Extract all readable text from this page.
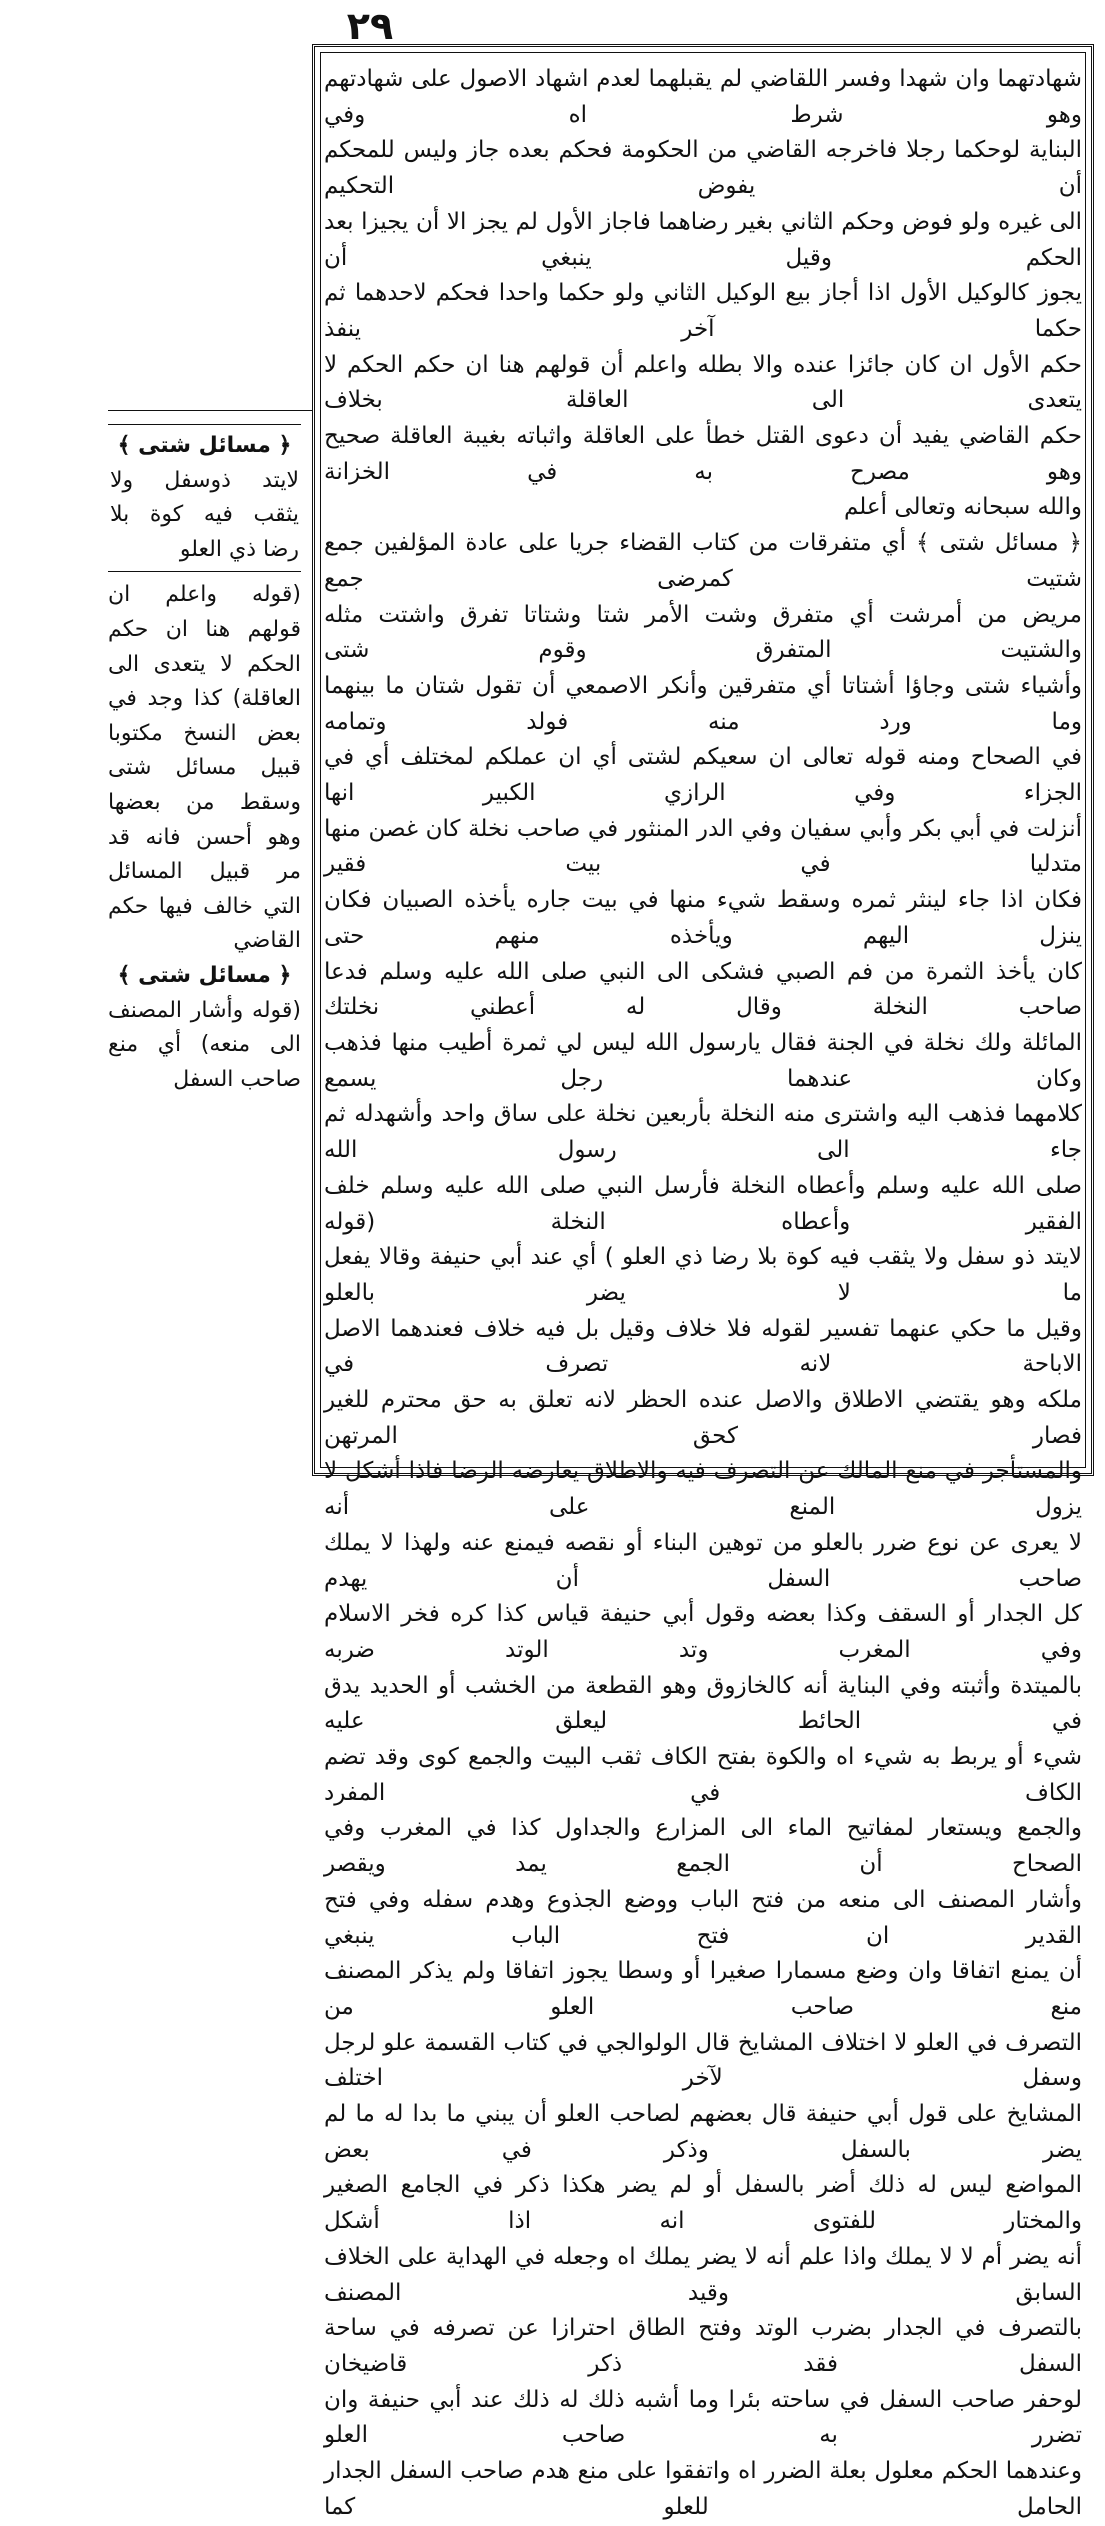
٢٩

شهادتهما وان شهدا وفسر اللقاضي لم يقبلهما لعدم اشهاد الاصول على شهادتهم وهو شرط اه وفي

البناية لوحكما رجلا فاخرجه القاضي من الحكومة فحكم بعده جاز وليس للمحكم أن يفوض التحكيم

الى غيره ولو فوض وحكم الثاني بغير رضاهما فاجاز الأول لم يجز الا أن يجيزا بعد الحكم وقيل ينبغي أن

يجوز كالوكيل الأول اذا أجاز بيع الوكيل الثاني ولو حكما واحدا فحكم لاحدهما ثم حكما آخر ينفذ

حكم الأول ان كان جائزا عنده والا بطله واعلم أن قولهم هنا ان حكم الحكم لا يتعدى الى العاقلة بخلاف

حكم القاضي يفيد أن دعوى القتل خطأ على العاقلة واثباته بغيبة العاقلة صحيح وهو مصرح به في الخزانة

والله سبحانه وتعالى أعلم

﴿ مسائل شتى ﴾ أي متفرقات من كتاب القضاء جريا على عادة المؤلفين جمع شتيت كمرضى جمع

مريض من أمرشت أي متفرق وشت الأمر شتا وشتاتا تفرق واشتت مثله والشتيت المتفرق وقوم شتى

وأشياء شتى وجاؤا أشتاتا أي متفرقين وأنكر الاصمعي أن تقول شتان ما بينهما وما ورد منه فولد وتمامه

في الصحاح ومنه قوله تعالى ان سعيكم لشتى أي ان عملكم لمختلف أي في الجزاء وفي الرازي الكبير انها

أنزلت في أبي بكر وأبي سفيان وفي الدر المنثور في صاحب نخلة كان غصن منها متدليا في بيت فقير

فكان اذا جاء لينثر ثمره وسقط شيء منها في بيت جاره يأخذه الصبيان فكان ينزل اليهم ويأخذه منهم حتى

كان يأخذ الثمرة من فم الصبي فشكى الى النبي صلى الله عليه وسلم فدعا صاحب النخلة وقال له أعطني نخلتك

المائلة ولك نخلة في الجنة فقال يارسول الله ليس لي ثمرة أطيب منها فذهب وكان عندهما رجل يسمع

كلامهما فذهب اليه واشترى منه النخلة بأربعين نخلة على ساق واحد وأشهدله ثم جاء الى رسول الله

صلى الله عليه وسلم وأعطاه النخلة فأرسل النبي صلى الله عليه وسلم خلف الفقير وأعطاه النخلة (قوله

لايتد ذو سفل ولا يثقب فيه كوة بلا رضا ذي العلو ) أي عند أبي حنيفة وقالا يفعل ما لا يضر بالعلو

وقيل ما حكي عنهما تفسير لقوله فلا خلاف وقيل بل فيه خلاف فعندهما الاصل الاباحة لانه تصرف في

ملكه وهو يقتضي الاطلاق والاصل عنده الحظر لانه تعلق به حق محترم للغير فصار كحق المرتهن

والمستأجر في منع المالك عن التصرف فيه والاطلاق يعارضه الرضا فاذا أشكل لا يزول المنع على أنه

لا يعرى عن نوع ضرر بالعلو من توهين البناء أو نقصه فيمنع عنه ولهذا لا يملك صاحب السفل أن يهدم

كل الجدار أو السقف وكذا بعضه وقول أبي حنيفة قياس كذا كره فخر الاسلام وفي المغرب وتد الوتد ضربه

بالميتدة وأثبته وفي البناية أنه كالخازوق وهو القطعة من الخشب أو الحديد يدق في الحائط ليعلق عليه

شيء أو يربط به شيء اه والكوة بفتح الكاف ثقب البيت والجمع كوى وقد تضم الكاف في المفرد

والجمع ويستعار لمفاتيح الماء الى المزارع والجداول كذا في المغرب وفي الصحاح أن الجمع يمد ويقصر

وأشار المصنف الى منعه من فتح الباب ووضع الجذوع وهدم سفله وفي فتح القدير ان فتح الباب ينبغي

أن يمنع اتفاقا وان وضع مسمارا صغيرا أو وسطا يجوز اتفاقا ولم يذكر المصنف منع صاحب العلو من

التصرف في العلو لا اختلاف المشايخ قال الولوالجي في كتاب القسمة علو لرجل وسفل لآخر اختلف

المشايخ على قول أبي حنيفة قال بعضهم لصاحب العلو أن يبني ما بدا له ما لم يضر بالسفل وذكر في بعض

المواضع ليس له ذلك أضر بالسفل أو لم يضر هكذا ذكر في الجامع الصغير والمختار للفتوى انه اذا أشكل

أنه يضر أم لا لا يملك واذا علم أنه لا يضر يملك اه وجعله في الهداية على الخلاف السابق وقيد المصنف

بالتصرف في الجدار بضرب الوتد وفتح الطاق احترازا عن تصرفه في ساحة السفل فقد ذكر قاضيخان

لوحفر صاحب السفل في ساحته بئرا وما أشبه ذلك له ذلك عند أبي حنيفة وان تضرر به صاحب العلو

وعندهما الحكم معلول بعلة الضرر اه واتفقوا على منع هدم صاحب السفل الجدار الحامل للعلو كما

﴿ مسائل شتى ﴾

لايتد ذوسفل ولا يثقب فيه كوة بلا رضا ذي العلو

(قوله واعلم ان قولهم هنا ان حكم الحكم لا يتعدى الى العاقلة) كذا وجد في بعض النسخ مكتوبا قبيل مسائل شتى وسقط من بعضها وهو أحسن فانه قد مر قبيل المسائل التي خالف فيها حكم القاضي

﴿ مسائل شتى ﴾

(قوله وأشار المصنف الى منعه) أي منع صاحب السفل
